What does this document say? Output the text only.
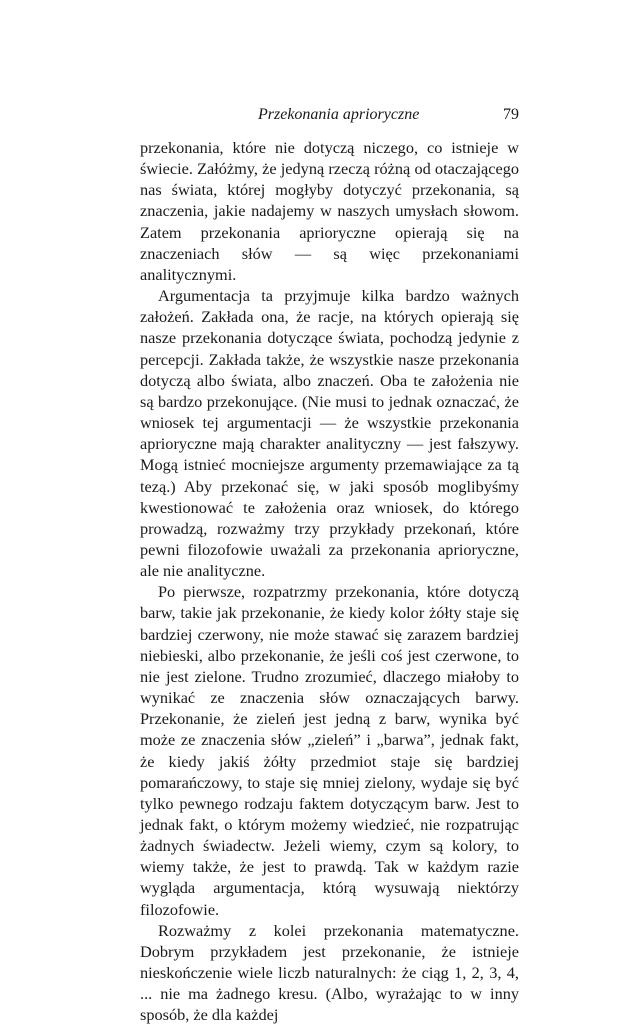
Przekonania aprioryczne	79

przekonania, które nie dotyczą niczego, co istnieje w świecie. Załóżmy, że jedyną rzeczą różną od otaczającego nas świata, której mogłyby dotyczyć przekonania, są znaczenia, jakie nadajemy w naszych umysłach słowom. Zatem przekonania aprioryczne opierają się na znaczeniach słów — są więc przekonaniami analitycznymi.

Argumentacja ta przyjmuje kilka bardzo ważnych założeń. Zakłada ona, że racje, na których opierają się nasze przekonania dotyczące świata, pochodzą jedynie z percepcji. Zakłada także, że wszystkie nasze przekonania dotyczą albo świata, albo znaczeń. Oba te założenia nie są bardzo przekonujące. (Nie musi to jednak oznaczać, że wniosek tej argumentacji — że wszystkie przekonania aprioryczne mają charakter analityczny — jest fałszywy. Mogą istnieć mocniejsze argumenty przemawiające za tą tezą.) Aby przekonać się, w jaki sposób moglibyśmy kwestionować te założenia oraz wniosek, do którego prowadzą, rozważmy trzy przykłady przekonań, które pewni filozofowie uważali za przekonania aprioryczne, ale nie analityczne.

Po pierwsze, rozpatrzmy przekonania, które dotyczą barw, takie jak przekonanie, że kiedy kolor żółty staje się bardziej czerwony, nie może stawać się zarazem bardziej niebieski, albo przekonanie, że jeśli coś jest czerwone, to nie jest zielone. Trudno zrozumieć, dlaczego miałoby to wynikać ze znaczenia słów oznaczających barwy. Przekonanie, że zieleń jest jedną z barw, wynika być może ze znaczenia słów „zieleń” i „barwa”, jednak fakt, że kiedy jakiś żółty przedmiot staje się bardziej pomarańczowy, to staje się mniej zielony, wydaje się być tylko pewnego rodzaju faktem dotyczącym barw. Jest to jednak fakt, o którym możemy wiedzieć, nie rozpatrując żadnych świadectw. Jeżeli wiemy, czym są kolory, to wiemy także, że jest to prawdą. Tak w każdym razie wygląda argumentacja, którą wysuwają niektórzy filozofowie.

Rozważmy z kolei przekonania matematyczne. Dobrym przykładem jest przekonanie, że istnieje nieskończenie wiele liczb naturalnych: że ciąg 1, 2, 3, 4, ... nie ma żadnego kresu. (Albo, wyrażając to w inny sposób, że dla każdej
